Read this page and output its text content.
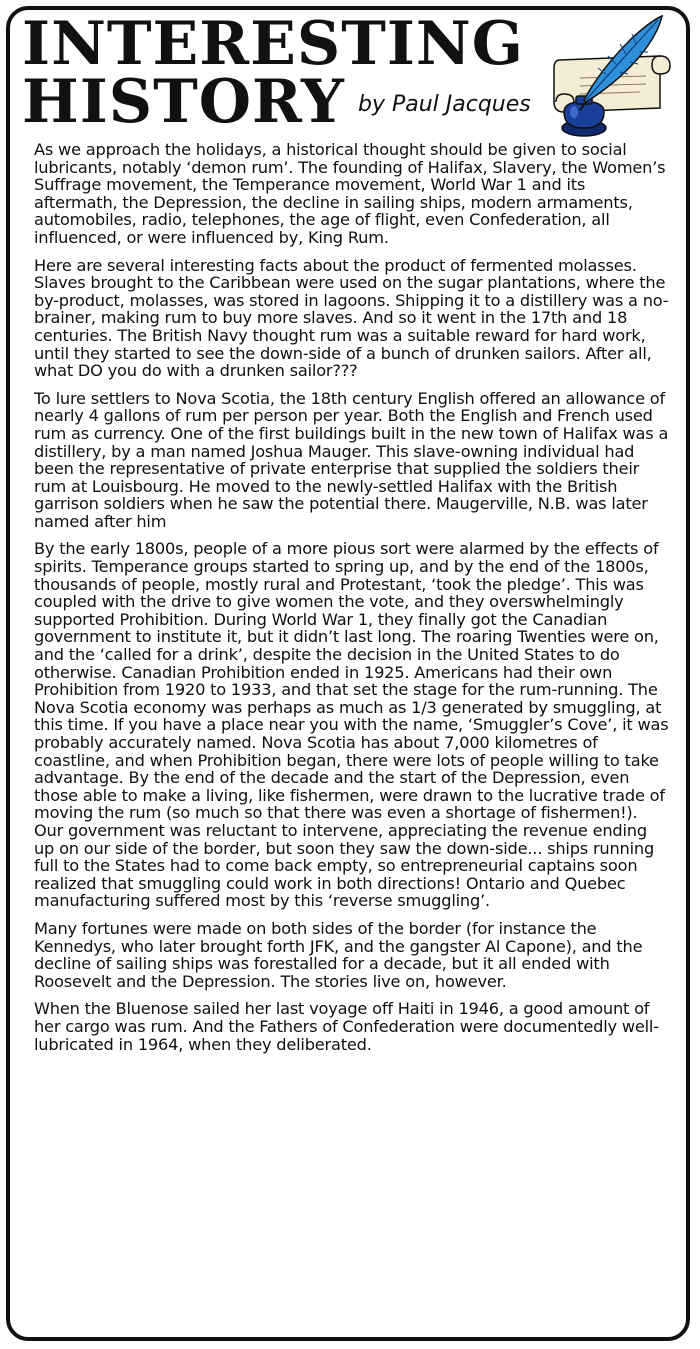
INTERESTING
HISTORY by Paul Jacques

As we approach the holidays, a historical thought should be given to social lubricants, notably ‘demon rum’. The founding of Halifax, Slavery, the Women’s Suffrage movement, the Temperance movement, World War 1 and its aftermath, the Depression, the decline in sailing ships, modern armaments, automobiles, radio, telephones, the age of flight, even Confederation, all influenced, or were influenced by, King Rum.

Here are several interesting facts about the product of fermented molasses. Slaves brought to the Caribbean were used on the sugar plantations, where the by-product, molasses, was stored in lagoons. Shipping it to a distillery was a no-brainer, making rum to buy more slaves. And so it went in the 17th and 18 centuries. The British Navy thought rum was a suitable reward for hard work, until they started to see the down-side of a bunch of drunken sailors. After all, what DO you do with a drunken sailor???

To lure settlers to Nova Scotia, the 18th century English offered an allowance of nearly 4 gallons of rum per person per year. Both the English and French used rum as currency. One of the first buildings built in the new town of Halifax was a distillery, by a man named Joshua Mauger. This slave-owning individual had been the representative of private enterprise that supplied the soldiers their rum at Louisbourg. He moved to the newly-settled Halifax with the British garrison soldiers when he saw the potential there. Maugerville, N.B. was later named after him

By the early 1800s, people of a more pious sort were alarmed by the effects of spirits. Temperance groups started to spring up, and by the end of the 1800s, thousands of people, mostly rural and Protestant, ‘took the pledge’. This was coupled with the drive to give women the vote, and they overswhelmingly supported Prohibition. During World War 1, they finally got the Canadian government to institute it, but it didn’t last long. The roaring Twenties were on, and the ‘called for a drink’, despite the decision in the United States to do otherwise. Canadian Prohibition ended in 1925. Americans had their own Prohibition from 1920 to 1933, and that set the stage for the rum-running. The Nova Scotia economy was perhaps as much as 1/3 generated by smuggling, at this time. If you have a place near you with the name, ‘Smuggler’s Cove’, it was probably accurately named. Nova Scotia has about 7,000 kilometres of coastline, and when Prohibition began, there were lots of people willing to take advantage. By the end of the decade and the start of the Depression, even those able to make a living, like fishermen, were drawn to the lucrative trade of moving the rum (so much so that there was even a shortage of fishermen!). Our government was reluctant to intervene, appreciating the revenue ending up on our side of the border, but soon they saw the down-side... ships running full to the States had to come back empty, so entrepreneurial captains soon realized that smuggling could work in both directions! Ontario and Quebec manufacturing suffered most by this ‘reverse smuggling’.

Many fortunes were made on both sides of the border (for instance the Kennedys, who later brought forth JFK, and the gangster Al Capone), and the decline of sailing ships was forestalled for a decade, but it all ended with Roosevelt and the Depression. The stories live on, however.

When the Bluenose sailed her last voyage off Haiti in 1946, a good amount of her cargo was rum. And the Fathers of Confederation were documentedly well-lubricated in 1964, when they deliberated.
